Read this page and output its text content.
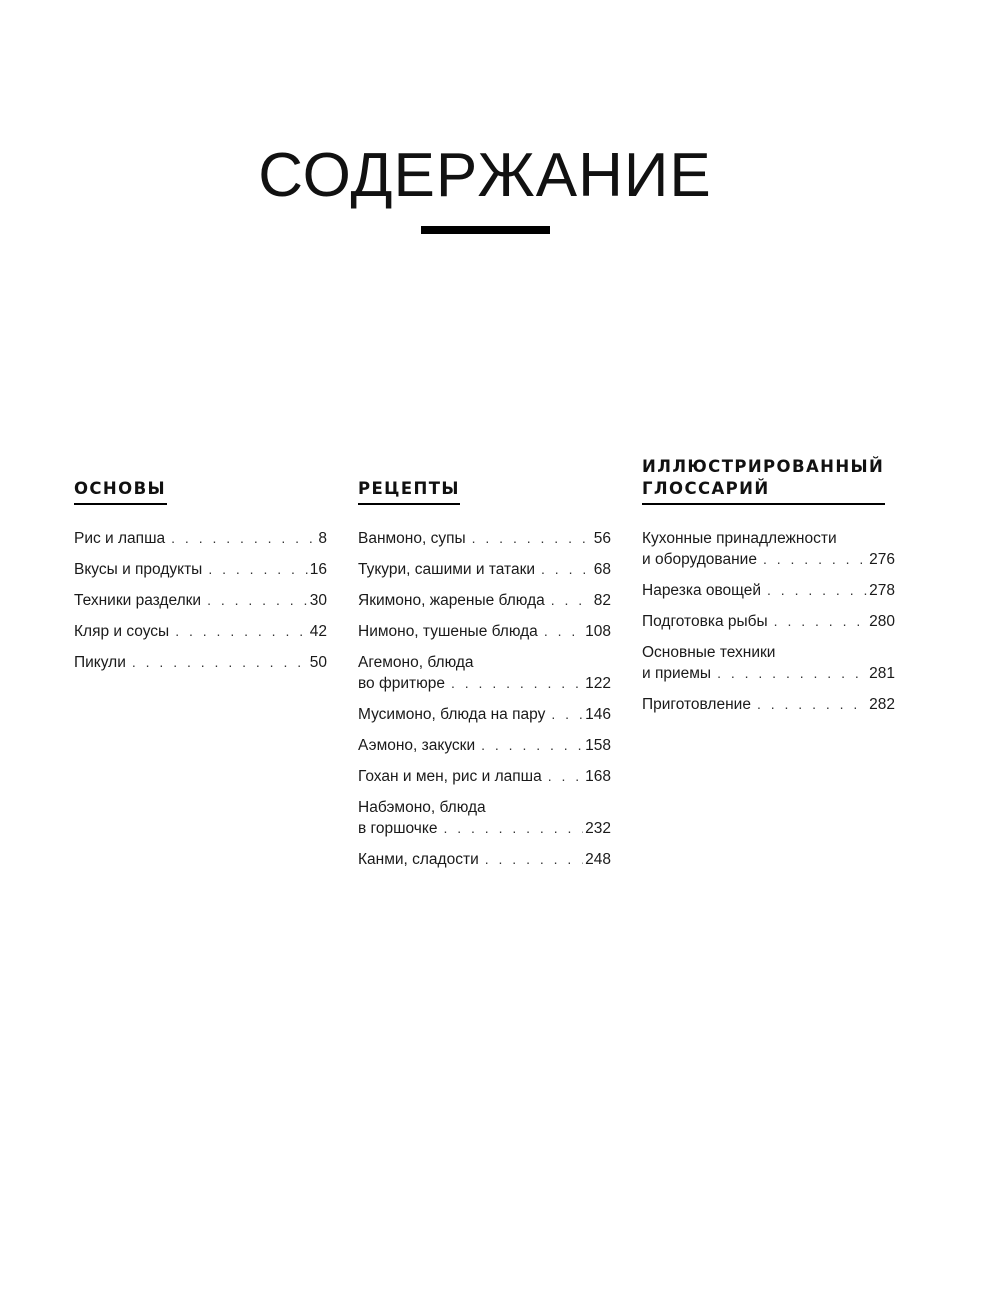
СОДЕРЖАНИЕ
ОСНОВЫ
Рис и лапша . . .	8
Вкусы и продукты . . .	16
Техники разделки . . .	30
Кляр и соусы . . .	42
Пикули . . .	50
РЕЦЕПТЫ
Ванмоно, супы . . .	56
Тукури, сашими и татаки . . .	68
Якимоно, жареные блюда . . .	82
Нимоно, тушеные блюда . . .	108
Агемоно, блюда
во фритюре . . .	122
Мусимоно, блюда на пару . . .	146
Аэмоно, закуски . . .	158
Гохан и мен, рис и лапша . . .	168
Набэмоно, блюда
в горшочке . . .	232
Канми, сладости . . .	248
ИЛЛЮСТРИРОВАННЫЙ
ГЛОССАРИЙ
Кухонные принадлежности
и оборудование . . .	276
Нарезка овощей . . .	278
Подготовка рыбы . . .	280
Основные техники
и приемы . . .	281
Приготовление . . .	282
